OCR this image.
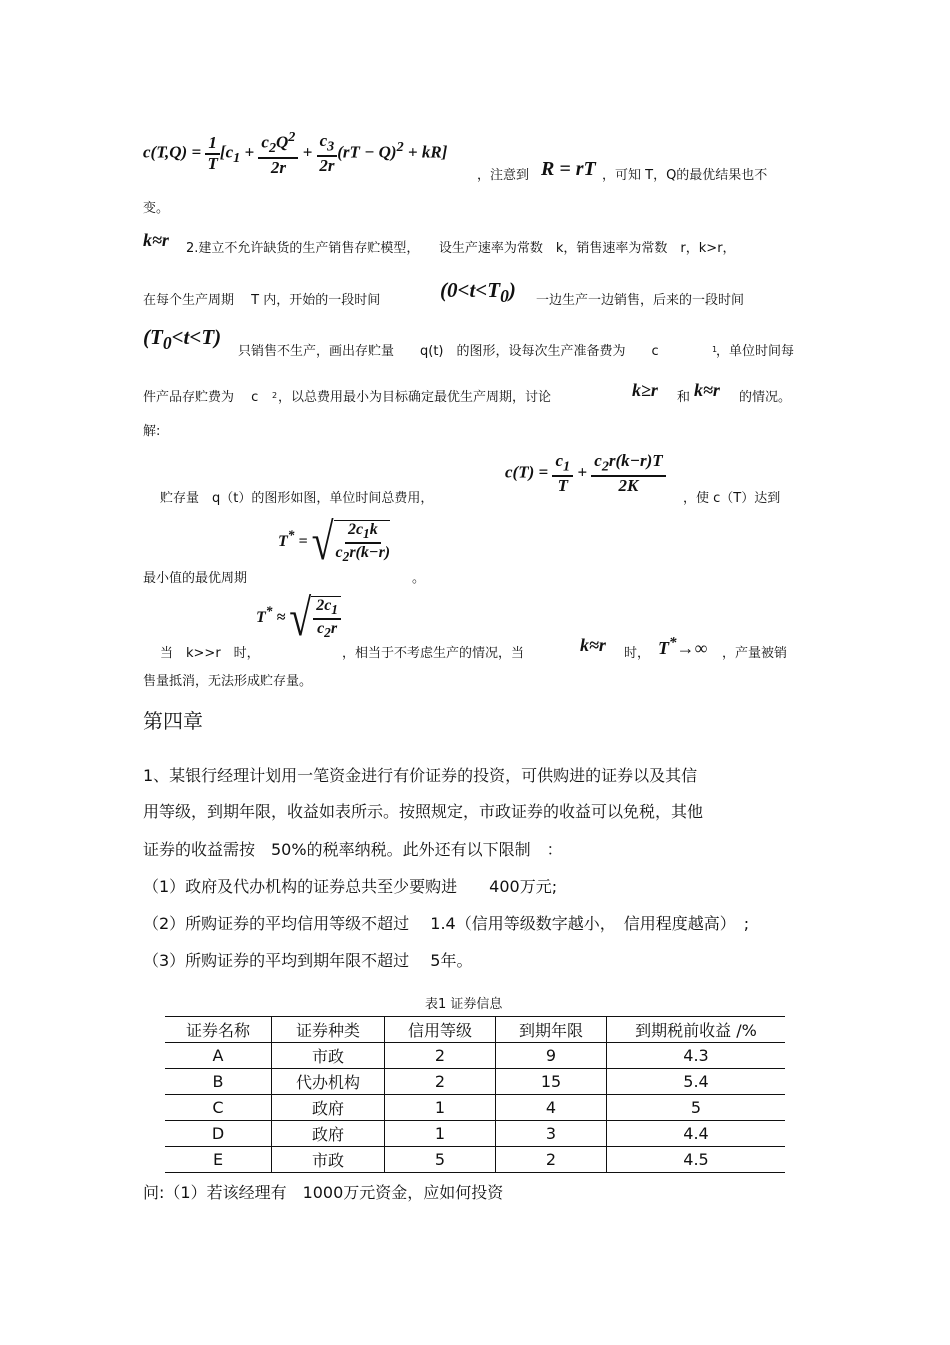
$c(T,Q) = \frac{1}{T} [c_1 + \frac{c_2Q^2}{2r} + \frac{c_3}{2r} (rT - Q)^2 + kR]$
，注意到 R = rT ，可知 T，Q的最优结果也不
变。
k≈r 2.建立不允许缺货的生产销售存贮模型，　　设生产速率为常数　k，销售速率为常数　r，k>r，
在每个生产周期　 T 内，开始的一段时间	$(0<t<T_0)$ 一边生产一边销售，后来的一段时间
$(T_0<t<T)$
只销售不生产，画出存贮量　　q(t)　的图形，设每次生产准备费为　　c	1
，单位时间每
件产品存贮费为　 c 2 ，以总费用最小为目标确定最优生产周期，讨论	k≥r 和 k≈r 的情况。
解:
贮存量　q（t）的图形如图，单位时间总费用，
$c(T) = \frac{c_1}{T} + \frac{c_2r(k-r)T}{2K}$
，使 c（T）达到
最小值的最优周期
T* = √ $\frac{2c_1k}{c_2r(k-r)}$
。
当　k>>r　时，
T* ≈ √ $\frac{2c_1}{c_2r}$
，相当于不考虑生产的情况，当	k≈r 时， T*→∞ ，产量被销
售量抵消，无法形成贮存量。
第四章
1、某银行经理计划用一笔资金进行有价证券的投资，可供购进的证券以及其信
用等级，到期年限，收益如表所示。按照规定，市政证券的收益可以免税，其他
证券的收益需按　50%的税率纳税。此外还有以下限制　：
（1）政府及代办机构的证券总共至少要购进　　400万元;
（2）所购证券的平均信用等级不超过　 1.4（信用等级数字越小，　信用程度越高）　;
（3）所购证券的平均到期年限不超过　 5年。
表1 证券信息
证券名称	证券种类	信用等级	到期年限	到期税前收益 /%
A	市政	2	9	4.3
B	代办机构	2	15	5.4
C	政府	1	4	5
D	政府	1	3	4.4
E	市政	5	2	4.5
问:（1）若该经理有　1000万元资金，应如何投资
